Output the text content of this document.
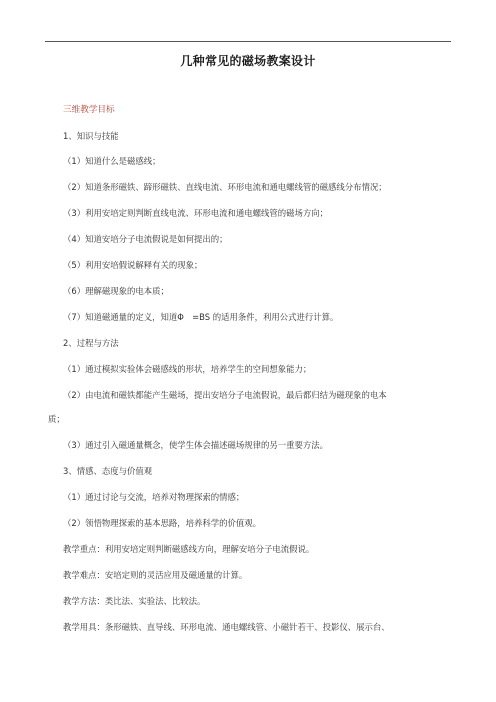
几种常见的磁场教案设计
三维教学目标
1、知识与技能
（1）知道什么是磁感线；
（2）知道条形磁铁、蹄形磁铁、直线电流、环形电流和通电螺线管的磁感线分布情况；
（3）利用安培定则判断直线电流、环形电流和通电螺线管的磁场方向；
（4）知道安培分子电流假说是如何提出的；
（5）利用安培假说解释有关的现象；
（6）理解磁现象的电本质；
（7）知道磁通量的定义，知道Φ　=BS 的适用条件，利用公式进行计算。
2、过程与方法
（1）通过模拟实验体会磁感线的形状，培养学生的空间想象能力；
（2）由电流和磁铁都能产生磁场，提出安培分子电流假说，最后都归结为磁现象的电本
质；
（3）通过引入磁通量概念，使学生体会描述磁场规律的另一重要方法。
3、情感、态度与价值观
（1）通过讨论与交流，培养对物理探索的情感；
（2）领悟物理探索的基本思路，培养科学的价值观。
教学重点：利用安培定则判断磁感线方向，理解安培分子电流假说。
教学难点：安培定则的灵活应用及磁通量的计算。
教学方法：类比法、实验法、比较法。
教学用具：条形磁铁、直导线、环形电流、通电螺线管、小磁针若干、投影仪、展示台、
